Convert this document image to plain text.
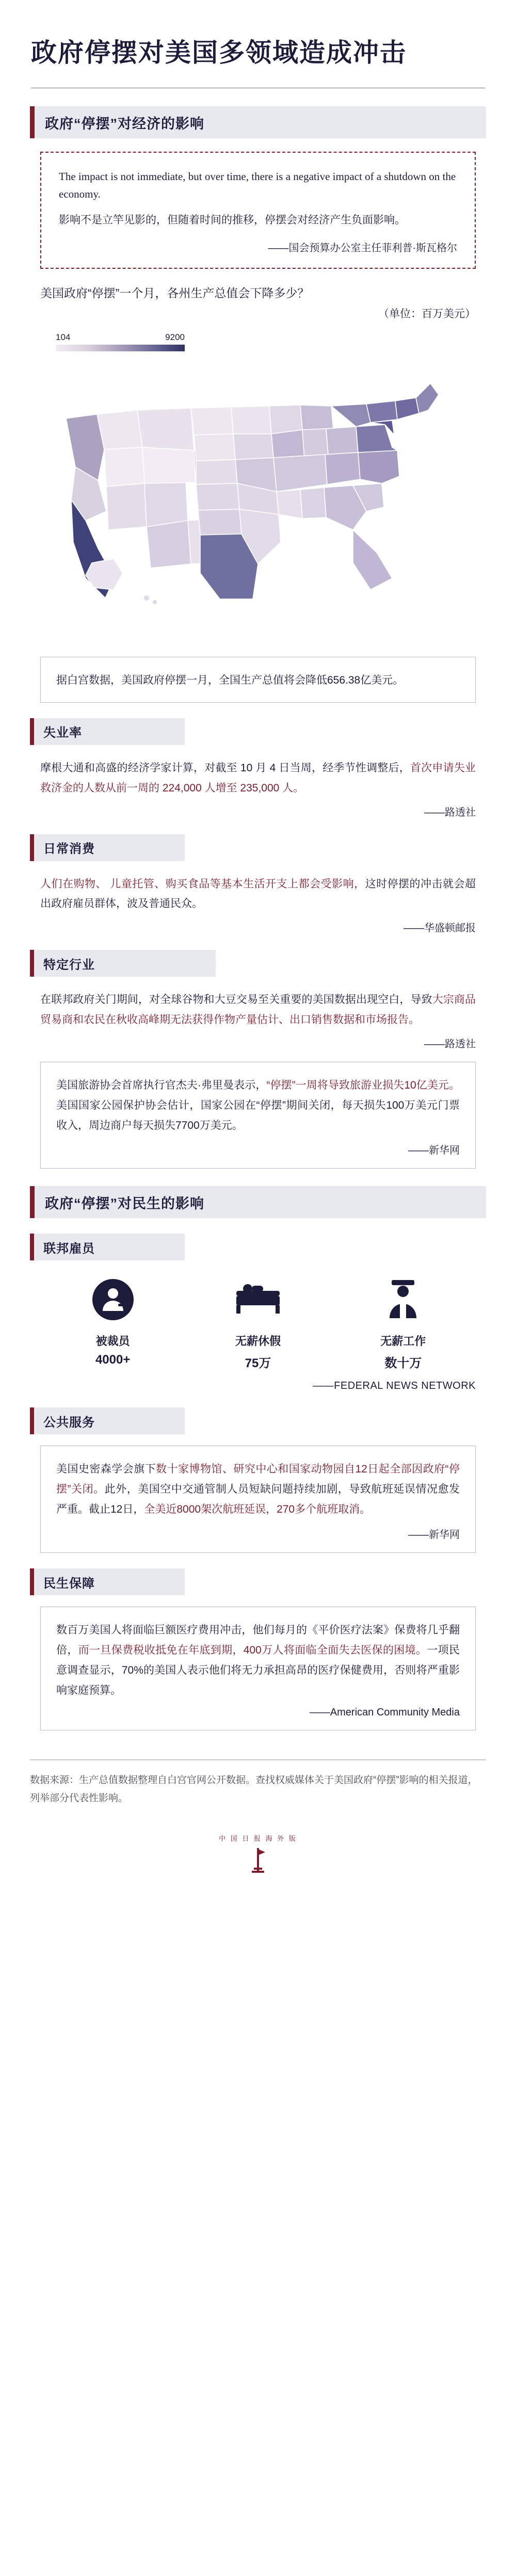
政府停摆对美国多领域造成冲击
政府“停摆”对经济的影响
The impact is not immediate, but over time, there is a negative impact of a shutdown on the economy.
影响不是立竿见影的，但随着时间的推移，停摆会对经济产生负面影响。
——国会预算办公室主任菲利普·斯瓦格尔
美国政府“停摆”一个月，各州生产总值会下降多少？
（单位：百万美元）
104	9200
据白宫数据，美国政府停摆一月，全国生产总值将会降低656.38亿美元。
失业率
摩根大通和高盛的经济学家计算，对截至 10 月 4 日当周，经季节性调整后，首次申请失业救济金的人数从前一周的 224,000 人增至 235,000 人。
——路透社
日常消费
人们在购物、 儿童托管、购买食品等基本生活开支上都会受影响，这时停摆的冲击就会超出政府雇员群体，波及普通民众。
——华盛顿邮报
特定行业
在联邦政府关门期间，对全球谷物和大豆交易至关重要的美国数据出现空白，导致大宗商品贸易商和农民在秋收高峰期无法获得作物产量估计、出口销售数据和市场报告。
——路透社
美国旅游协会首席执行官杰夫·弗里曼表示，“停摆”一周将导致旅游业损失10亿美元。美国国家公园保护协会估计，国家公园在“停摆”期间关闭，每天损失100万美元门票收入，周边商户每天损失7700万美元。
——新华网
政府“停摆”对民生的影响
联邦雇员
被裁员
4000+
无薪休假
75万
无薪工作
数十万
——FEDERAL NEWS NETWORK
公共服务
美国史密森学会旗下数十家博物馆、研究中心和国家动物园自12日起全部因政府“停摆”关闭。此外，美国空中交通管制人员短缺问题持续加剧，导致航班延误情况愈发严重。截止12日，全美近8000架次航班延误，270多个航班取消。
——新华网
民生保障
数百万美国人将面临巨额医疗费用冲击，他们每月的《平价医疗法案》保费将几乎翻倍，而一旦保费税收抵免在年底到期，400万人将面临全面失去医保的困境。一项民意调查显示，70%的美国人表示他们将无力承担高昂的医疗保健费用，否则将严重影响家庭预算。
——American Community Media
数据来源：生产总值数据整理自白宫官网公开数据。查找权威媒体关于美国政府“停摆”影响的相关报道，列举部分代表性影响。
中 国 日 报 海 外 版
